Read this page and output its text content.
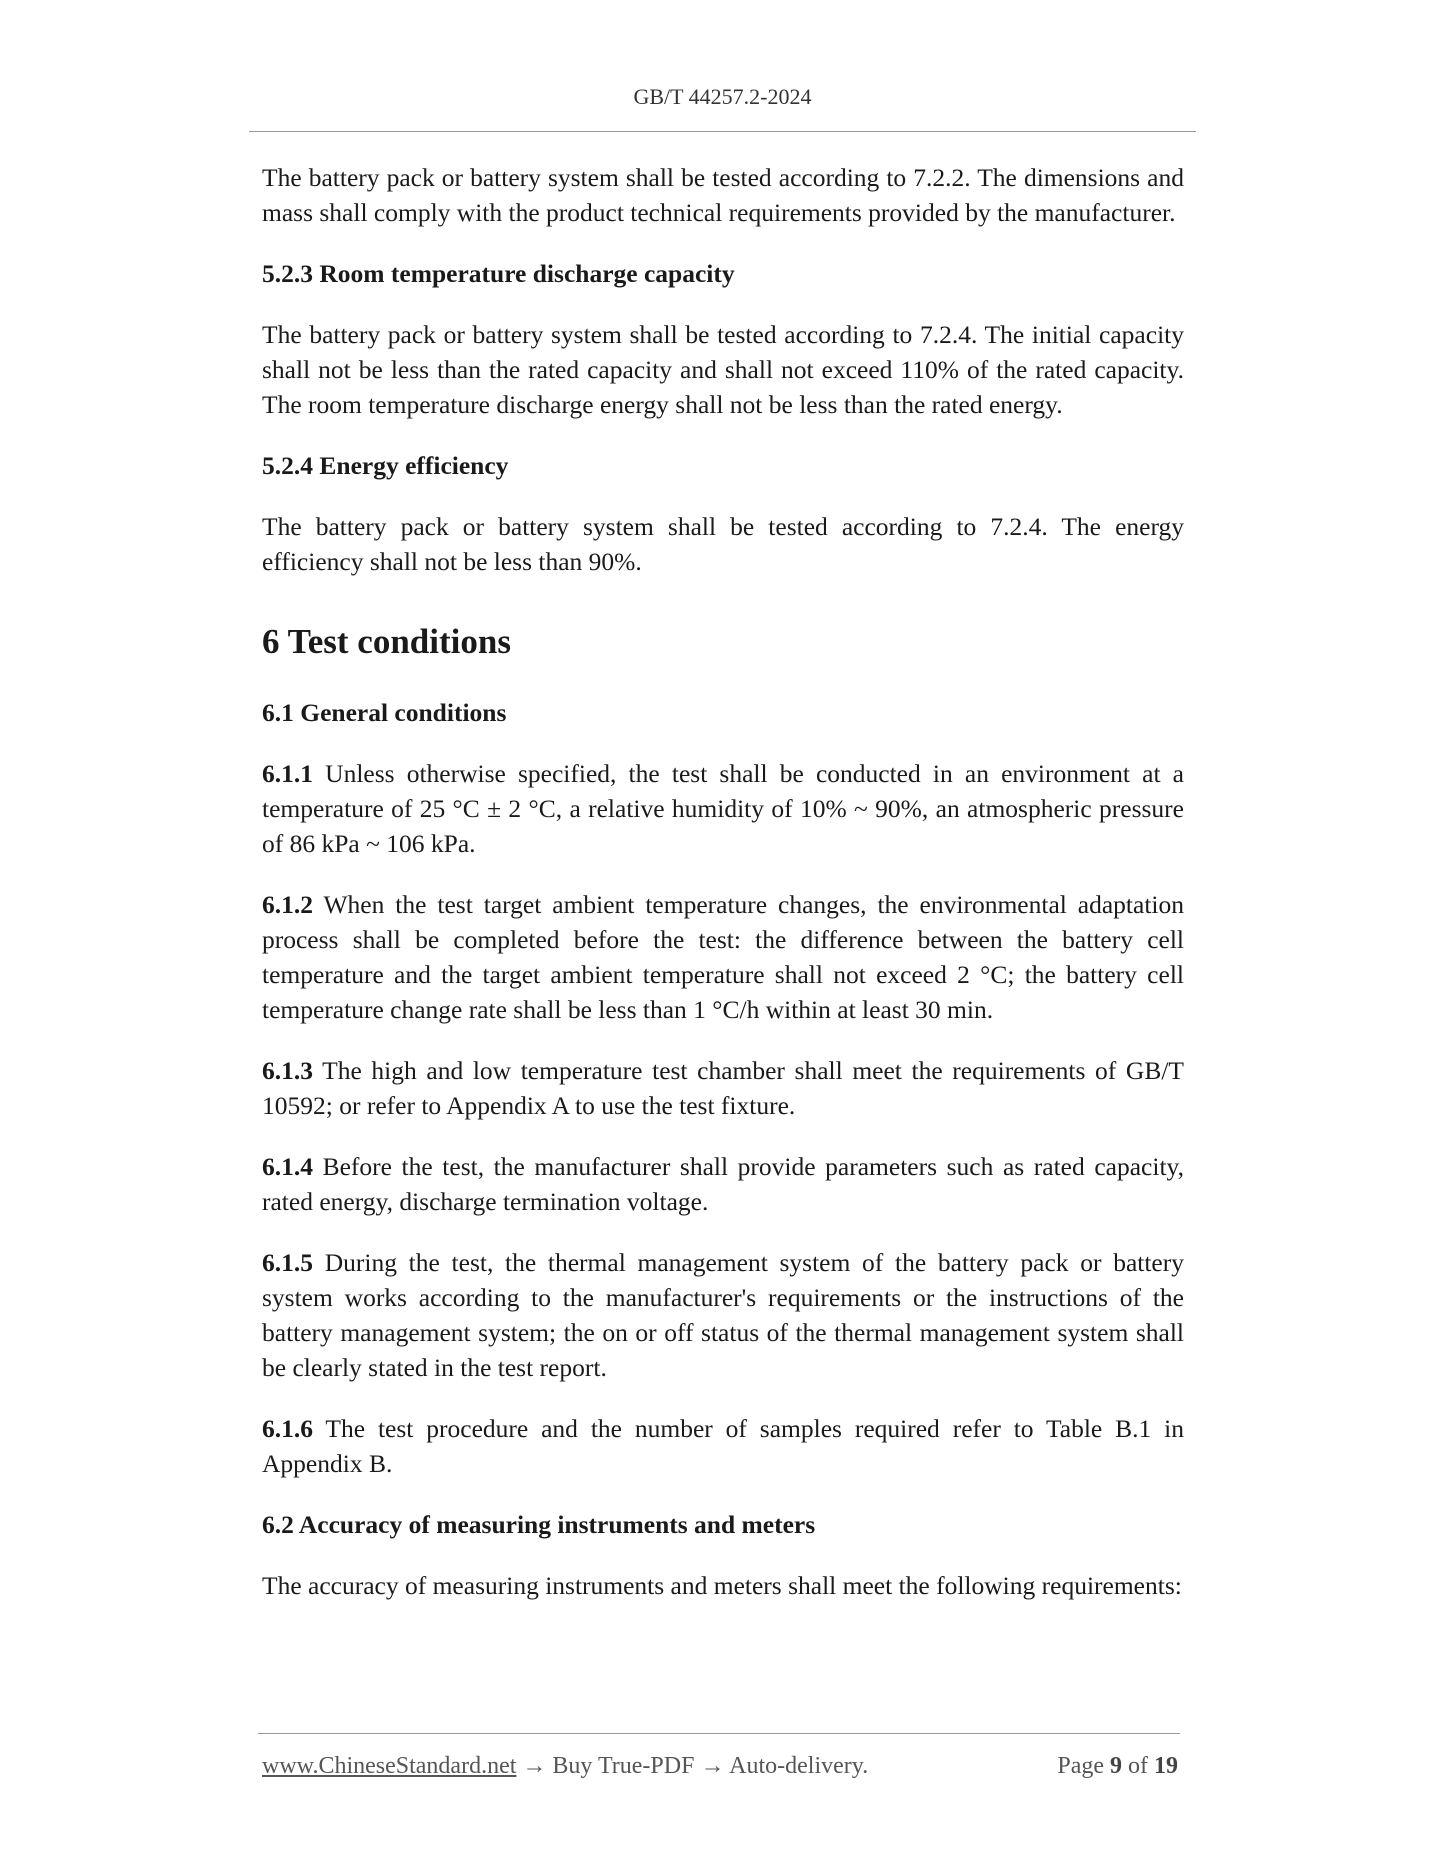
GB/T 44257.2-2024

The battery pack or battery system shall be tested according to 7.2.2. The dimensions and mass shall comply with the product technical requirements provided by the manufacturer.

5.2.3 Room temperature discharge capacity

The battery pack or battery system shall be tested according to 7.2.4. The initial capacity shall not be less than the rated capacity and shall not exceed 110% of the rated capacity. The room temperature discharge energy shall not be less than the rated energy.

5.2.4 Energy efficiency

The battery pack or battery system shall be tested according to 7.2.4. The energy efficiency shall not be less than 90%.

6 Test conditions
6.1 General conditions

6.1.1 Unless otherwise specified, the test shall be conducted in an environment at a temperature of 25 °C ± 2 °C, a relative humidity of 10% ~ 90%, an atmospheric pressure of 86 kPa ~ 106 kPa.

6.1.2 When the test target ambient temperature changes, the environmental adaptation process shall be completed before the test: the difference between the battery cell temperature and the target ambient temperature shall not exceed 2 °C; the battery cell temperature change rate shall be less than 1 °C/h within at least 30 min.

6.1.3 The high and low temperature test chamber shall meet the requirements of GB/T 10592; or refer to Appendix A to use the test fixture.

6.1.4 Before the test, the manufacturer shall provide parameters such as rated capacity, rated energy, discharge termination voltage.

6.1.5 During the test, the thermal management system of the battery pack or battery system works according to the manufacturer's requirements or the instructions of the battery management system; the on or off status of the thermal management system shall be clearly stated in the test report.

6.1.6 The test procedure and the number of samples required refer to Table B.1 in Appendix B.

6.2 Accuracy of measuring instruments and meters

The accuracy of measuring instruments and meters shall meet the following requirements:

www.ChineseStandard.net → Buy True-PDF → Auto-delivery.	Page 9 of 19
